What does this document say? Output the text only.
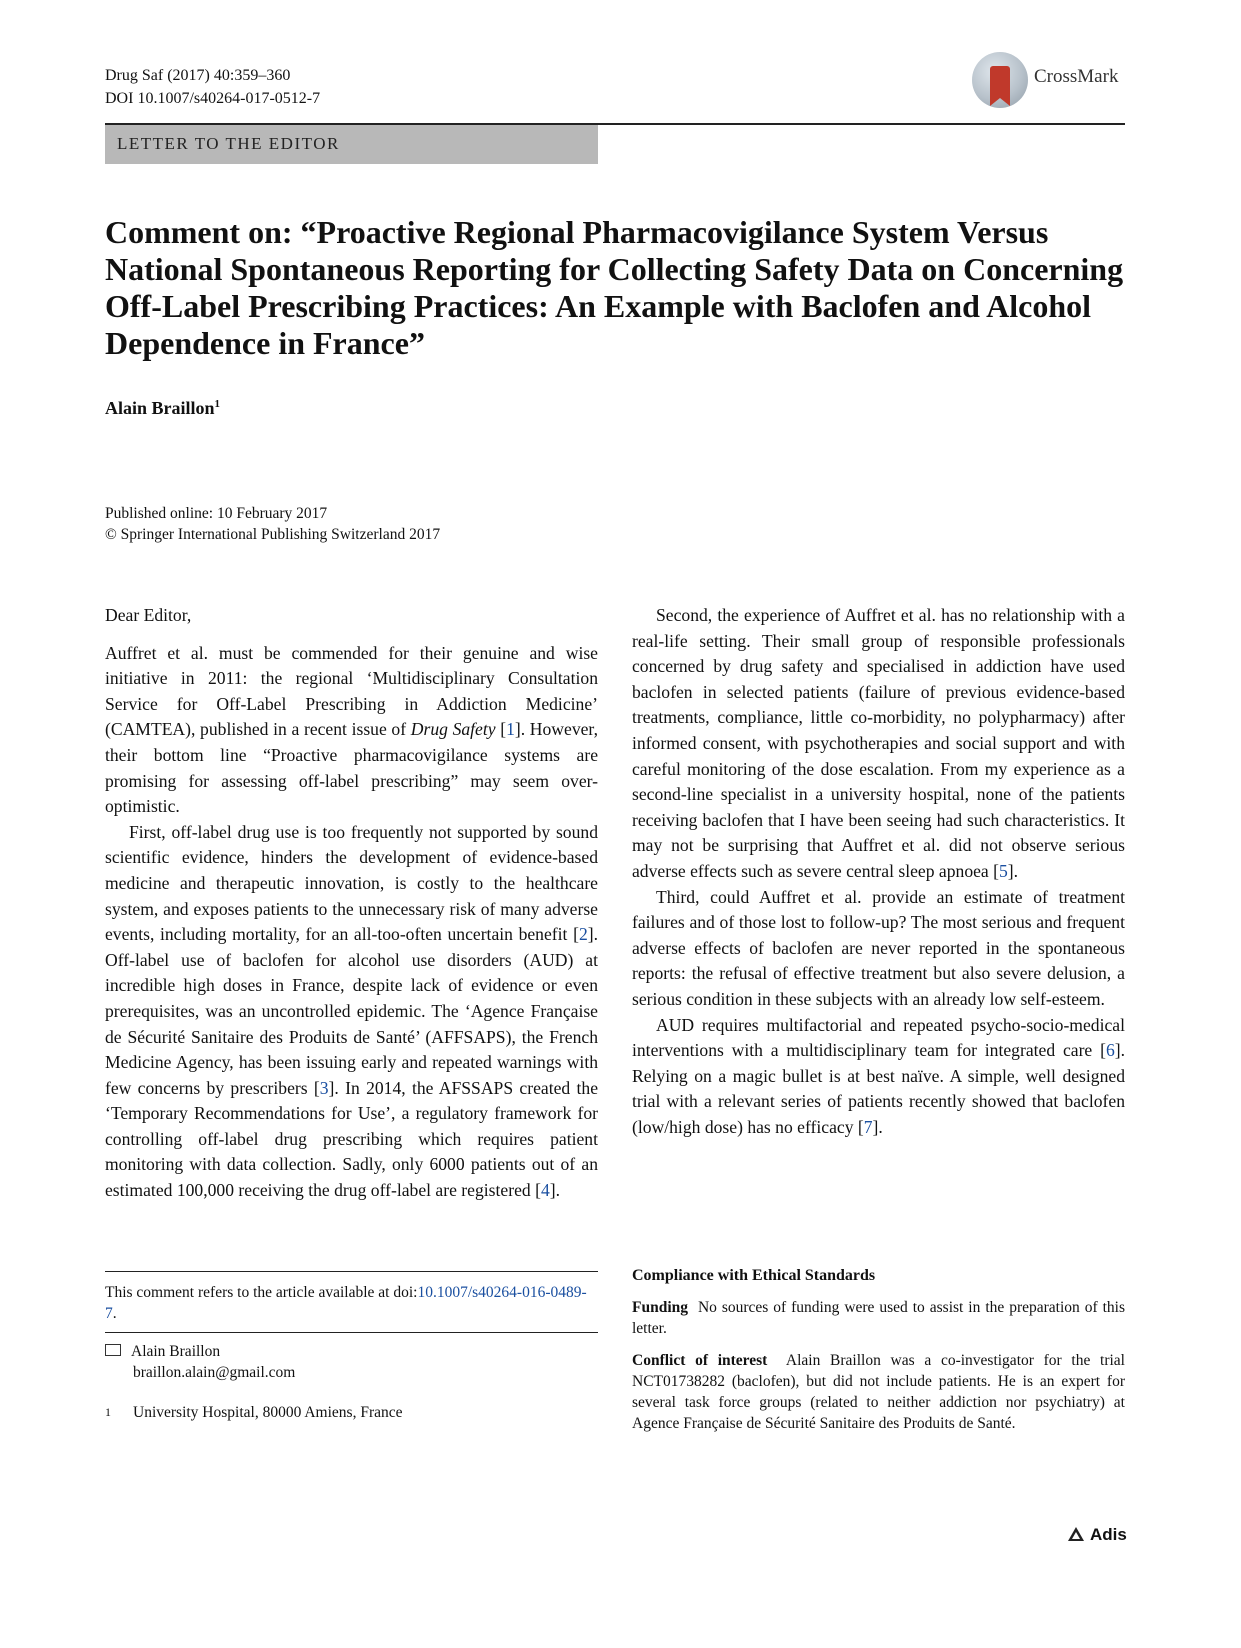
Drug Saf (2017) 40:359–360
DOI 10.1007/s40264-017-0512-7
CrossMark
LETTER TO THE EDITOR
Comment on: “Proactive Regional Pharmacovigilance System Versus National Spontaneous Reporting for Collecting Safety Data on Concerning Off-Label Prescribing Practices: An Example with Baclofen and Alcohol Dependence in France”
Alain Braillon$^1$
Published online: 10 February 2017
© Springer International Publishing Switzerland 2017

Dear Editor,

Auffret et al. must be commended for their genuine and wise initiative in 2011: the regional ‘Multidisciplinary Consultation Service for Off-Label Prescribing in Addiction Medicine’ (CAMTEA), published in a recent issue of Drug Safety [1]. However, their bottom line “Proactive pharmacovigilance systems are promising for assessing off-label prescribing” may seem over-optimistic.

First, off-label drug use is too frequently not supported by sound scientific evidence, hinders the development of evidence-based medicine and therapeutic innovation, is costly to the healthcare system, and exposes patients to the unnecessary risk of many adverse events, including mortality, for an all-too-often uncertain benefit [2]. Off-label use of baclofen for alcohol use disorders (AUD) at incredible high doses in France, despite lack of evidence or even prerequisites, was an uncontrolled epidemic. The ‘Agence Française de Sécurité Sanitaire des Produits de Santé’ (AFFSAPS), the French Medicine Agency, has been issuing early and repeated warnings with few concerns by prescribers [3]. In 2014, the AFSSAPS created the ‘Temporary Recommendations for Use’, a regulatory framework for controlling off-label drug prescribing which requires patient monitoring with data collection. Sadly, only 6000 patients out of an estimated 100,000 receiving the drug off-label are registered [4].

Second, the experience of Auffret et al. has no relationship with a real-life setting. Their small group of responsible professionals concerned by drug safety and specialised in addiction have used baclofen in selected patients (failure of previous evidence-based treatments, compliance, little co-morbidity, no polypharmacy) after informed consent, with psychotherapies and social support and with careful monitoring of the dose escalation. From my experience as a second-line specialist in a university hospital, none of the patients receiving baclofen that I have been seeing had such characteristics. It may not be surprising that Auffret et al. did not observe serious adverse effects such as severe central sleep apnoea [5].

Third, could Auffret et al. provide an estimate of treatment failures and of those lost to follow-up? The most serious and frequent adverse effects of baclofen are never reported in the spontaneous reports: the refusal of effective treatment but also severe delusion, a serious condition in these subjects with an already low self-esteem.

AUD requires multifactorial and repeated psycho-socio-medical interventions with a multidisciplinary team for integrated care [6]. Relying on a magic bullet is at best naïve. A simple, well designed trial with a relevant series of patients recently showed that baclofen (low/high dose) has no efficacy [7].

This comment refers to the article available at doi:10.1007/s40264-016-0489-7.
Alain Braillon
braillon.alain@gmail.com
1 University Hospital, 80000 Amiens, France
Compliance with Ethical Standards
Funding No sources of funding were used to assist in the preparation of this letter.
Conflict of interest Alain Braillon was a co-investigator for the trial NCT01738282 (baclofen), but did not include patients. He is an expert for several task force groups (related to neither addiction nor psychiatry) at Agence Française de Sécurité Sanitaire des Produits de Santé.
Adis
